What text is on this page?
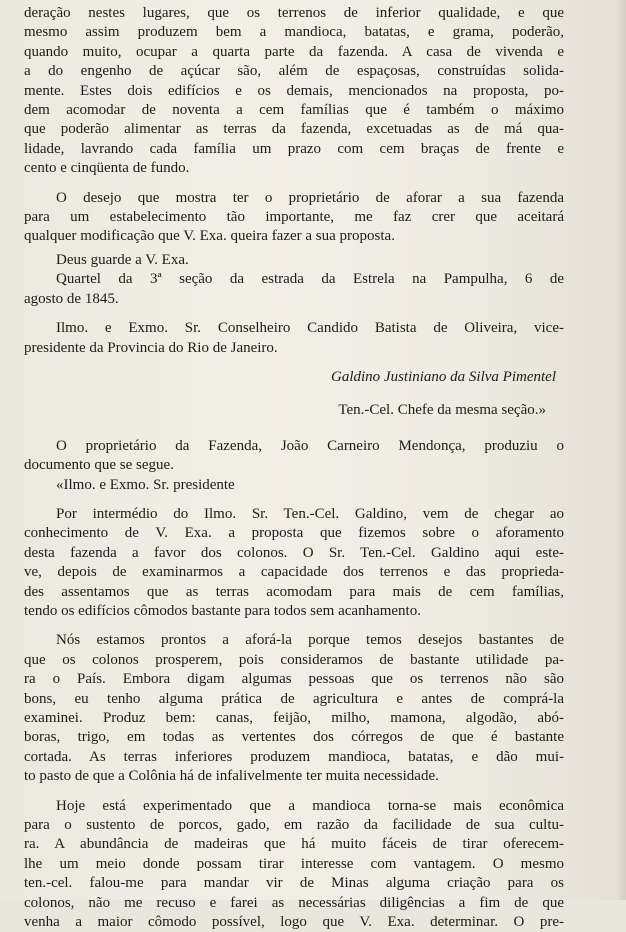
deração nestes lugares, que os terrenos de inferior qualidade, e que
mesmo assim produzem bem a mandioca, batatas, e grama, poderão,
quando muito, ocupar a quarta parte da fazenda. A casa de vivenda e
a do engenho de açúcar são, além de espaçosas, construídas solida-
mente. Estes dois edifícios e os demais, mencionados na proposta, po-
dem acomodar de noventa a cem famílias que é também o máximo
que poderão alimentar as terras da fazenda, excetuadas as de má qua-
lidade, lavrando cada família um prazo com cem braças de frente e
cento e cinqüenta de fundo.

O desejo que mostra ter o proprietário de aforar a sua fazenda
para um estabelecimento tão importante, me faz crer que aceitará
qualquer modificação que V. Exa. queira fazer a sua proposta.

Deus guarde a V. Exa.

Quartel da 3ª seção da estrada da Estrela na Pampulha, 6 de
agosto de 1845.

Ilmo. e Exmo. Sr. Conselheiro Candido Batista de Oliveira, vice-
presidente da Provincia do Rio de Janeiro.

Galdino Justiniano da Silva Pimentel

Ten.-Cel. Chefe da mesma seção.»

O proprietário da Fazenda, João Carneiro Mendonça, produziu o
documento que se segue.

«Ilmo. e Exmo. Sr. presidente

Por intermédio do Ilmo. Sr. Ten.-Cel. Galdino, vem de chegar ao
conhecimento de V. Exa. a proposta que fizemos sobre o aforamento
desta fazenda a favor dos colonos. O Sr. Ten.-Cel. Galdino aqui este-
ve, depois de examinarmos a capacidade dos terrenos e das proprieda-
des assentamos que as terras acomodam para mais de cem famílias,
tendo os edifícios cômodos bastante para todos sem acanhamento.

Nós estamos prontos a aforá-la porque temos desejos bastantes de
que os colonos prosperem, pois consideramos de bastante utilidade pa-
ra o País. Embora digam algumas pessoas que os terrenos não são
bons, eu tenho alguma prática de agricultura e antes de comprá-la
examinei. Produz bem: canas, feijão, milho, mamona, algodão, abó-
boras, trigo, em todas as vertentes dos córregos de que é bastante
cortada. As terras inferiores produzem mandioca, batatas, e dão mui-
to pasto de que a Colônia há de infalivelmente ter muita necessidade.

Hoje está experimentado que a mandioca torna-se mais econômica
para o sustento de porcos, gado, em razão da facilidade de sua cultu-
ra. A abundância de madeiras que há muito fáceis de tirar oferecem-
lhe um meio donde possam tirar interesse com vantagem. O mesmo
ten.-cel. falou-me para mandar vir de Minas alguma criação para os
colonos, não me recuso e farei as necessárias diligências a fim de que
venha a maior cômodo possível, logo que V. Exa. determinar. O pre-
